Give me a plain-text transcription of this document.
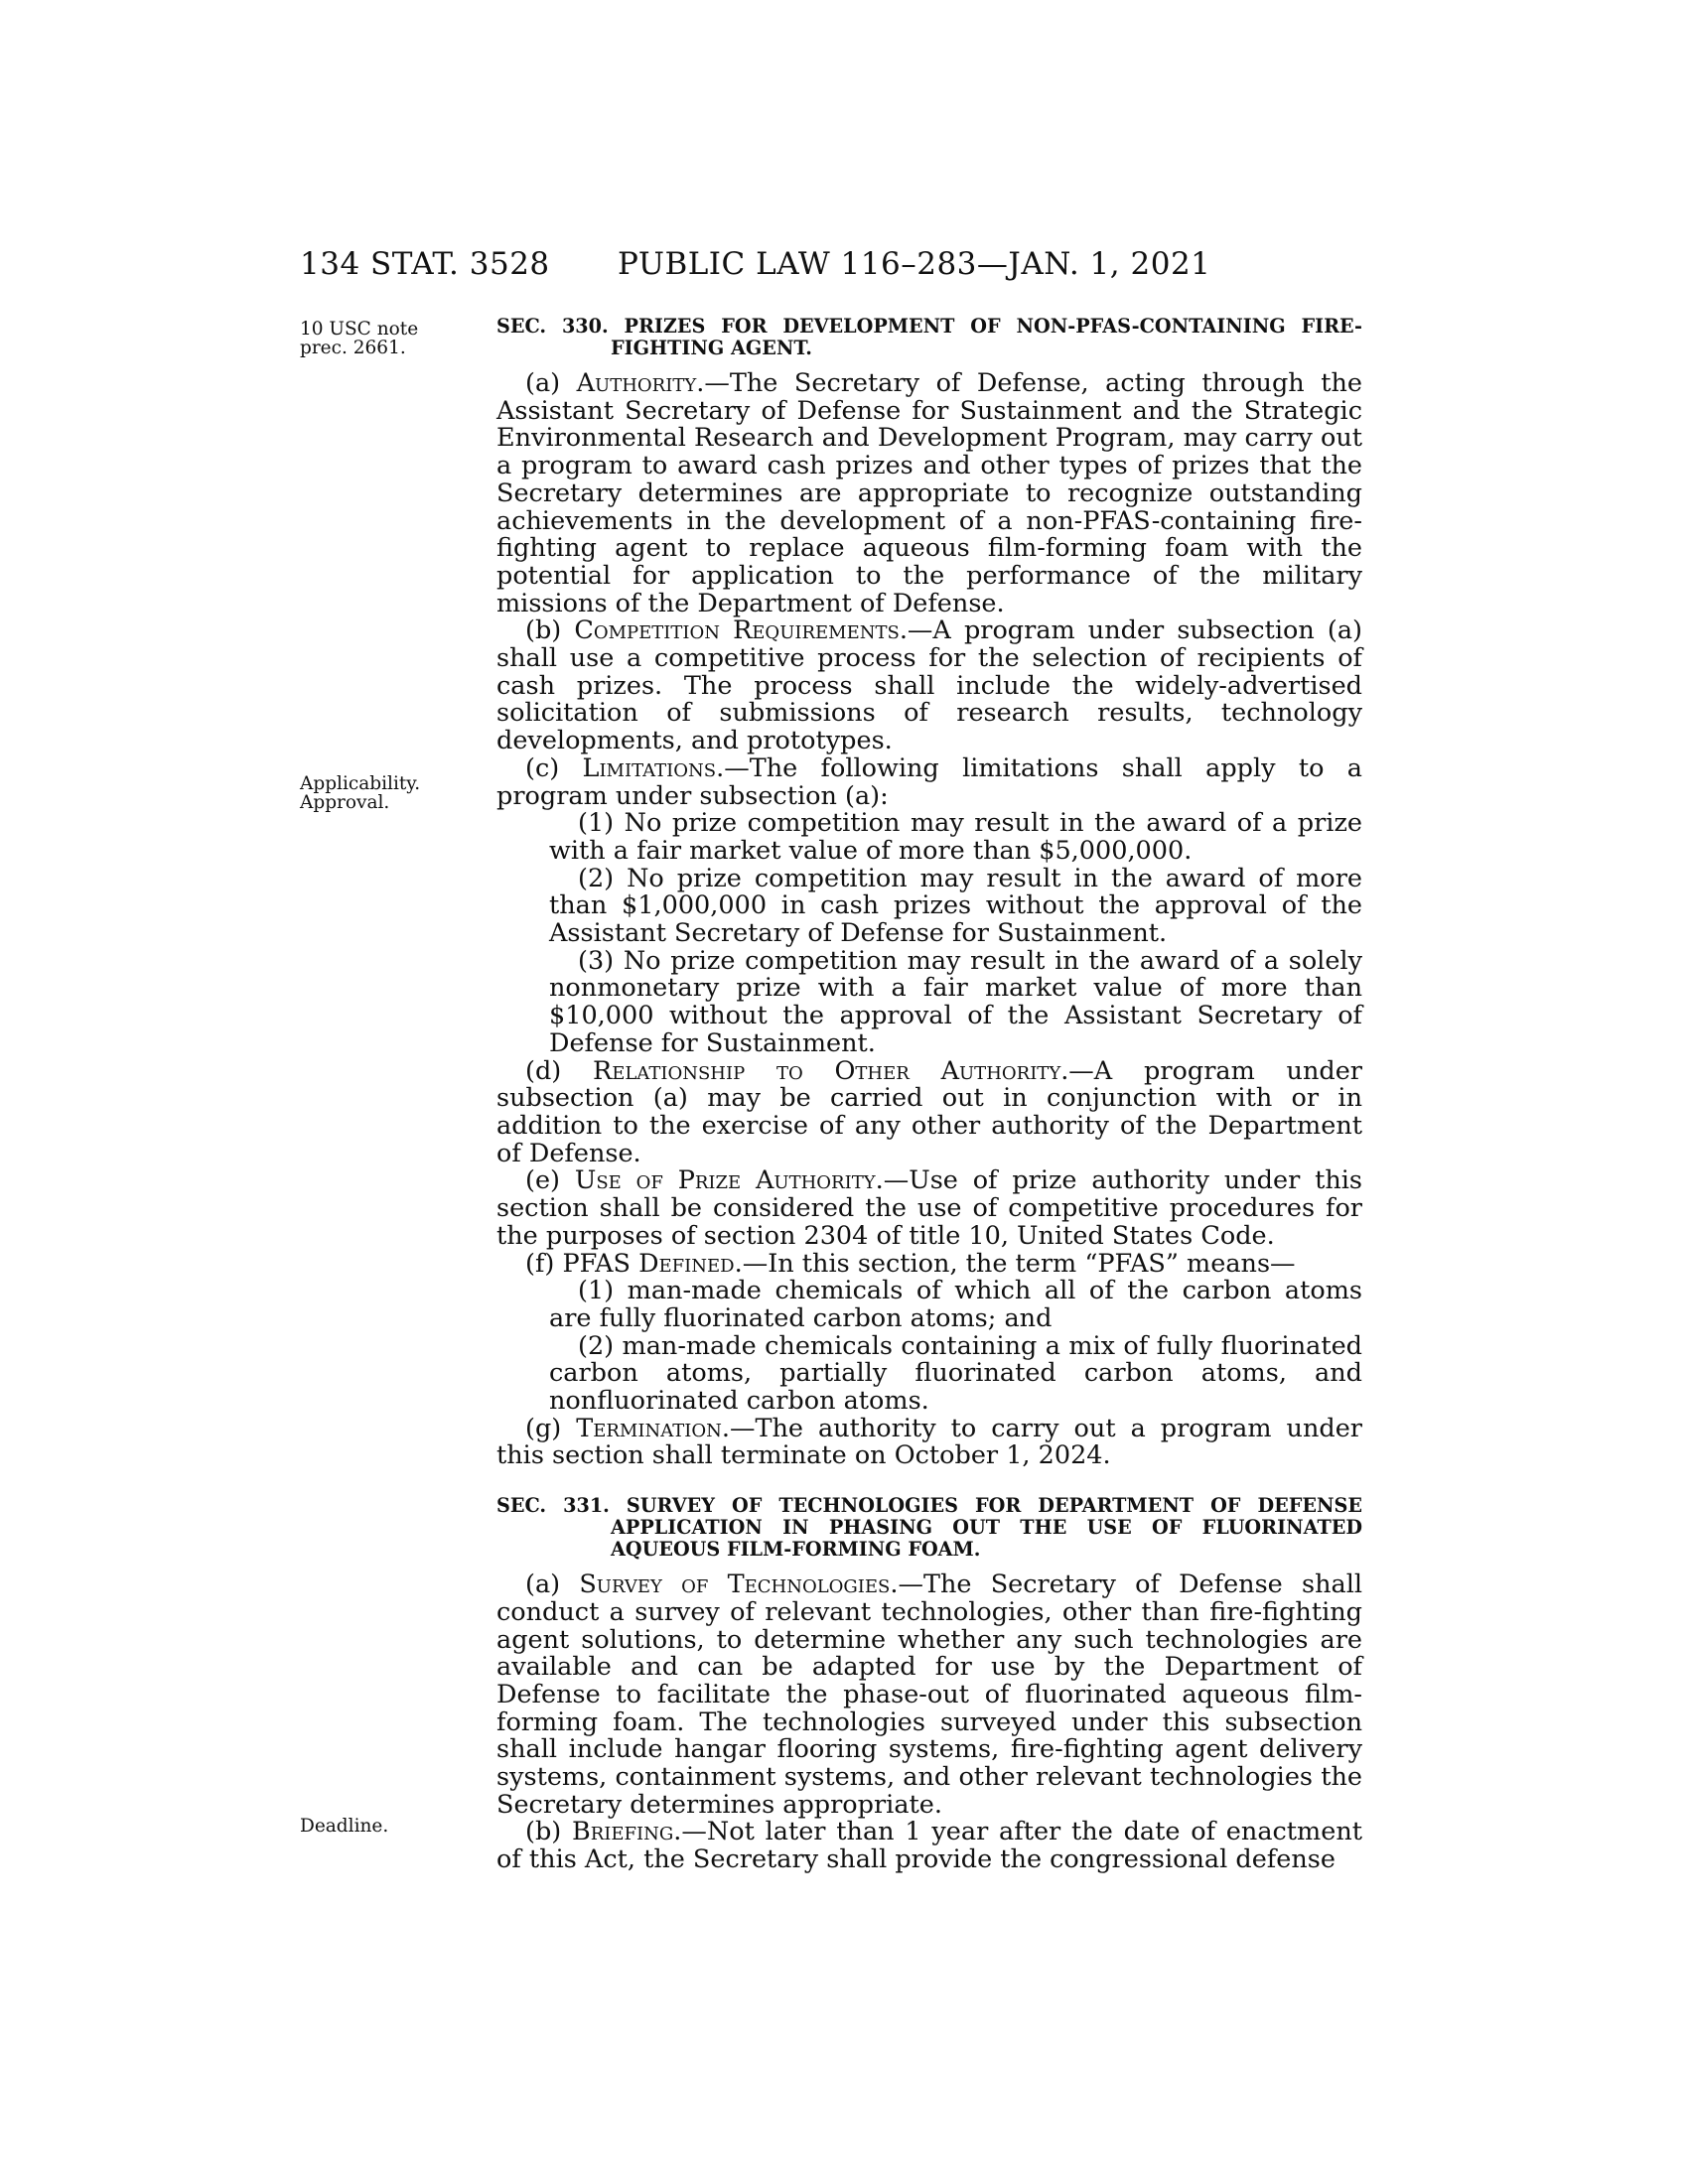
134 STAT. 3528 PUBLIC LAW 116–283—JAN. 1, 2021
10 USC note
prec. 2661.
Applicability.
Approval.
Deadline.
SEC. 330. PRIZES FOR DEVELOPMENT OF NON-PFAS-CONTAINING FIRE-FIGHTING AGENT.

(a) Authority.—The Secretary of Defense, acting through the Assistant Secretary of Defense for Sustainment and the Strategic Environmental Research and Development Program, may carry out a program to award cash prizes and other types of prizes that the Secretary determines are appropriate to recognize outstanding achievements in the development of a non-PFAS-containing fire-fighting agent to replace aqueous film-forming foam with the potential for application to the performance of the military missions of the Department of Defense.

(b) Competition Requirements.—A program under subsection (a) shall use a competitive process for the selection of recipients of cash prizes. The process shall include the widely-advertised solicitation of submissions of research results, technology developments, and prototypes.

(c) Limitations.—The following limitations shall apply to a program under subsection (a):

(1) No prize competition may result in the award of a prize with a fair market value of more than $5,000,000.

(2) No prize competition may result in the award of more than $1,000,000 in cash prizes without the approval of the Assistant Secretary of Defense for Sustainment.

(3) No prize competition may result in the award of a solely nonmonetary prize with a fair market value of more than $10,000 without the approval of the Assistant Secretary of Defense for Sustainment.

(d) Relationship to Other Authority.—A program under subsection (a) may be carried out in conjunction with or in addition to the exercise of any other authority of the Department of Defense.

(e) Use of Prize Authority.—Use of prize authority under this section shall be considered the use of competitive procedures for the purposes of section 2304 of title 10, United States Code.

(f) PFAS Defined.—In this section, the term “PFAS” means—

(1) man-made chemicals of which all of the carbon atoms are fully fluorinated carbon atoms; and

(2) man-made chemicals containing a mix of fully fluorinated carbon atoms, partially fluorinated carbon atoms, and nonfluorinated carbon atoms.

(g) Termination.—The authority to carry out a program under this section shall terminate on October 1, 2024.

SEC. 331. SURVEY OF TECHNOLOGIES FOR DEPARTMENT OF DEFENSE APPLICATION IN PHASING OUT THE USE OF FLUORINATED AQUEOUS FILM-FORMING FOAM.

(a) Survey of Technologies.—The Secretary of Defense shall conduct a survey of relevant technologies, other than fire-fighting agent solutions, to determine whether any such technologies are available and can be adapted for use by the Department of Defense to facilitate the phase-out of fluorinated aqueous film-forming foam. The technologies surveyed under this subsection shall include hangar flooring systems, fire-fighting agent delivery systems, containment systems, and other relevant technologies the Secretary determines appropriate.

(b) Briefing.—Not later than 1 year after the date of enactment of this Act, the Secretary shall provide the congressional defense
